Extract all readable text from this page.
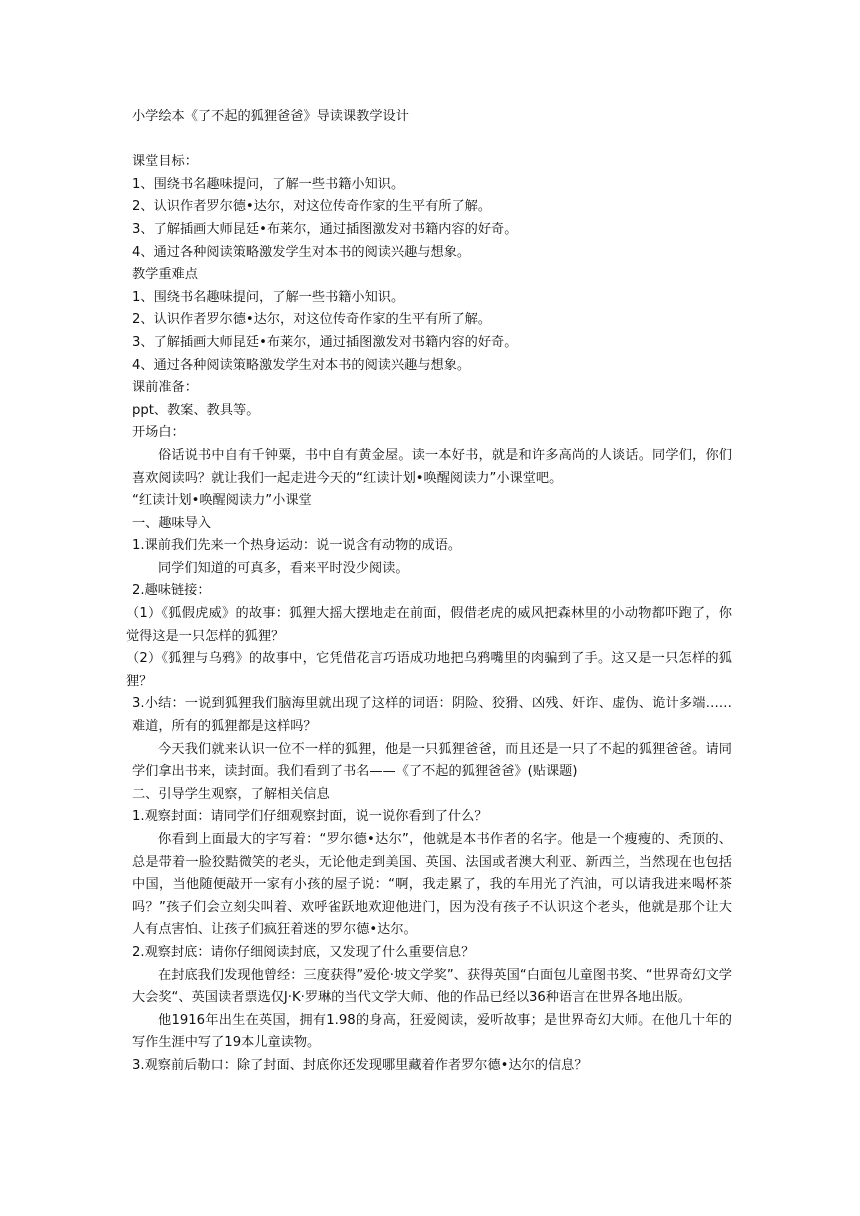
小学绘本《了不起的狐狸爸爸》导读课教学设计

课堂目标：

1、围绕书名趣味提问，了解一些书籍小知识。

2、认识作者罗尔德•达尔，对这位传奇作家的生平有所了解。

3、了解插画大师昆廷•布莱尔，通过插图激发对书籍内容的好奇。

4、通过各种阅读策略激发学生对本书的阅读兴趣与想象。

教学重难点

1、围绕书名趣味提问，了解一些书籍小知识。

2、认识作者罗尔德•达尔，对这位传奇作家的生平有所了解。

3、了解插画大师昆廷•布莱尔，通过插图激发对书籍内容的好奇。

4、通过各种阅读策略激发学生对本书的阅读兴趣与想象。

课前准备：

ppt、教案、教具等。

开场白：

俗话说书中自有千钟粟，书中自有黄金屋。读一本好书，就是和许多高尚的人谈话。同学们，你们喜欢阅读吗？就让我们一起走进今天的“红读计划•唤醒阅读力”小课堂吧。

“红读计划•唤醒阅读力”小课堂

一、趣味导入

1.课前我们先来一个热身运动：说一说含有动物的成语。

同学们知道的可真多，看来平时没少阅读。

2.趣味链接：

（1）《狐假虎威》的故事：狐狸大摇大摆地走在前面，假借老虎的威风把森林里的小动物都吓跑了，你觉得这是一只怎样的狐狸？

（2）《狐狸与乌鸦》的故事中，它凭借花言巧语成功地把乌鸦嘴里的肉骗到了手。这又是一只怎样的狐狸？

3.小结：一说到狐狸我们脑海里就出现了这样的词语：阴险、狡猾、凶残、奸诈、虚伪、诡计多端……难道，所有的狐狸都是这样吗？

今天我们就来认识一位不一样的狐狸，他是一只狐狸爸爸，而且还是一只了不起的狐狸爸爸。请同学们拿出书来，读封面。我们看到了书名——《了不起的狐狸爸爸》(贴课题)

二、引导学生观察，了解相关信息

1.观察封面：请同学们仔细观察封面，说一说你看到了什么？

你看到上面最大的字写着：“罗尔德•达尔”，他就是本书作者的名字。他是一个瘦瘦的、秃顶的、总是带着一脸狡黠微笑的老头，无论他走到美国、英国、法国或者澳大利亚、新西兰，当然现在也包括中国，当他随便敲开一家有小孩的屋子说：“啊，我走累了，我的车用光了汽油，可以请我进来喝杯茶吗？”孩子们会立刻尖叫着、欢呼雀跃地欢迎他进门，因为没有孩子不认识这个老头，他就是那个让大人有点害怕、让孩子们疯狂着迷的罗尔德•达尔。

2.观察封底：请你仔细阅读封底，又发现了什么重要信息？

在封底我们发现他曾经：三度获得”爱伦·坡文学奖”、获得英国“白面包儿童图书奖、“世界奇幻文学大会奖“、英国读者票选仅J·K·罗琳的当代文学大师、他的作品已经以36种语言在世界各地出版。

他1916年出生在英国，拥有1.98的身高，狂爱阅读，爱听故事；是世界奇幻大师。在他几十年的写作生涯中写了19本儿童读物。

3.观察前后勒口：除了封面、封底你还发现哪里藏着作者罗尔德•达尔的信息？
